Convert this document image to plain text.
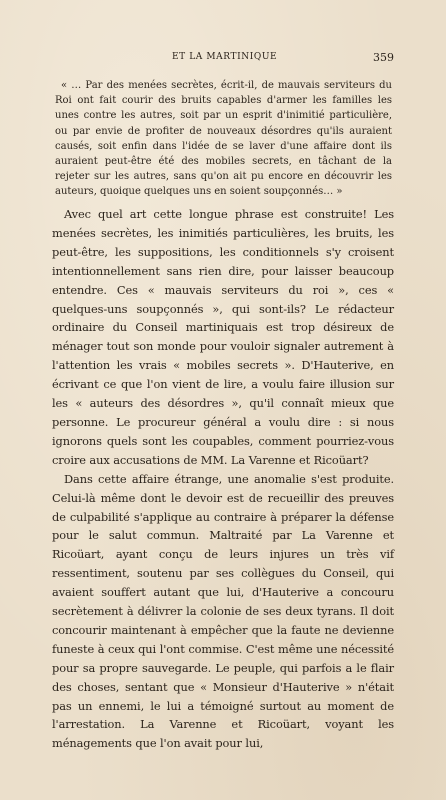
ET LA MARTINIQUE	359

« … Par des menées secrètes, écrit-il, de mauvais serviteurs du Roi ont fait courir des bruits capables d'armer les familles les unes contre les autres, soit par un esprit d'inimitié particulière, ou par envie de profiter de nouveaux désordres qu'ils auraient causés, soit enfin dans l'idée de se laver d'une affaire dont ils auraient peut-être été des mobiles secrets, en tâchant de la rejeter sur les autres, sans qu'on ait pu encore en découvrir les auteurs, quoique quelques uns en soient soupçonnés… »

Avec quel art cette longue phrase est construite! Les menées secrètes, les inimitiés particulières, les bruits, les peut-être, les suppositions, les conditionnels s'y croisent intentionnellement sans rien dire, pour laisser beaucoup entendre. Ces « mauvais serviteurs du roi », ces « quelques-uns soupçonnés », qui sont-ils? Le rédacteur ordinaire du Conseil martiniquais est trop désireux de ménager tout son monde pour vouloir signaler autrement à l'attention les vrais « mobiles secrets ». D'Hauterive, en écrivant ce que l'on vient de lire, a voulu faire illusion sur les « auteurs des désordres », qu'il connaît mieux que personne. Le procureur général a voulu dire : si nous ignorons quels sont les coupables, comment pourriez-vous croire aux accusations de MM. La Varenne et Ricoüart?

Dans cette affaire étrange, une anomalie s'est produite. Celui-là même dont le devoir est de recueillir des preuves de culpabilité s'applique au contraire à préparer la défense pour le salut commun. Maltraité par La Varenne et Ricoüart, ayant conçu de leurs injures un très vif ressentiment, soutenu par ses collègues du Conseil, qui avaient souffert autant que lui, d'Hauterive a concouru secrètement à délivrer la colonie de ses deux tyrans. Il doit concourir maintenant à empêcher que la faute ne devienne funeste à ceux qui l'ont commise. C'est même une nécessité pour sa propre sauvegarde. Le peuple, qui parfois a le flair des choses, sentant que « Monsieur d'Hauterive » n'était pas un ennemi, le lui a témoigné surtout au moment de l'arrestation. La Varenne et Ricoüart, voyant les ménagements que l'on avait pour lui,
